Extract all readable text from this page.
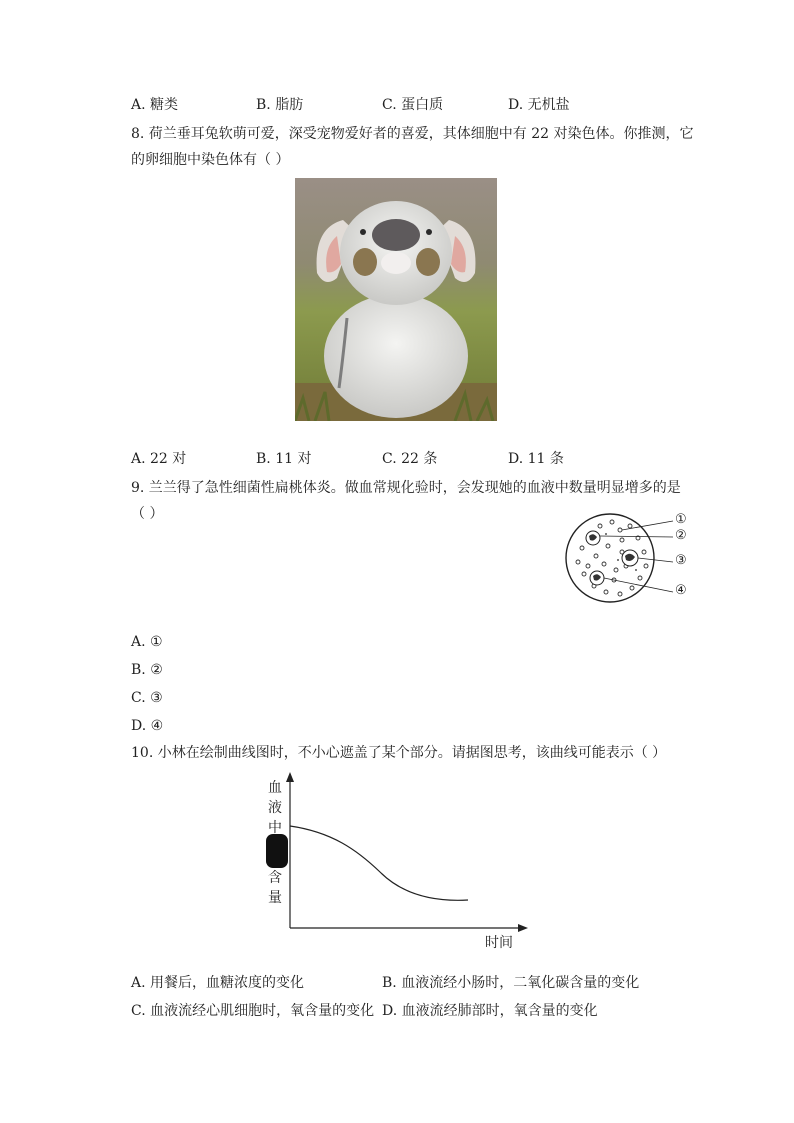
A. 糖类	B. 脂肪	C. 蛋白质	D. 无机盐
8. 荷兰垂耳兔软萌可爱，深受宠物爱好者的喜爱，其体细胞中有 22 对染色体。你推测，它
的卵细胞中染色体有（ ）
A. 22 对	B. 11 对	C. 22 条	D. 11 条
9. 兰兰得了急性细菌性扁桃体炎。做血常规化验时，会发现她的血液中数量明显增多的是
（ ）	①
②
③
④
A. ①
B. ②
C. ③
D. ④
10. 小林在绘制曲线图时，不小心遮盖了某个部分。请据图思考，该曲线可能表示（ ）
血
液
中
含
量
时间
A. 用餐后，血糖浓度的变化	B. 血液流经小肠时，二氧化碳含量的变化
C. 血液流经心肌细胞时，氧含量的变化 D. 血液流经肺部时，氧含量的变化
